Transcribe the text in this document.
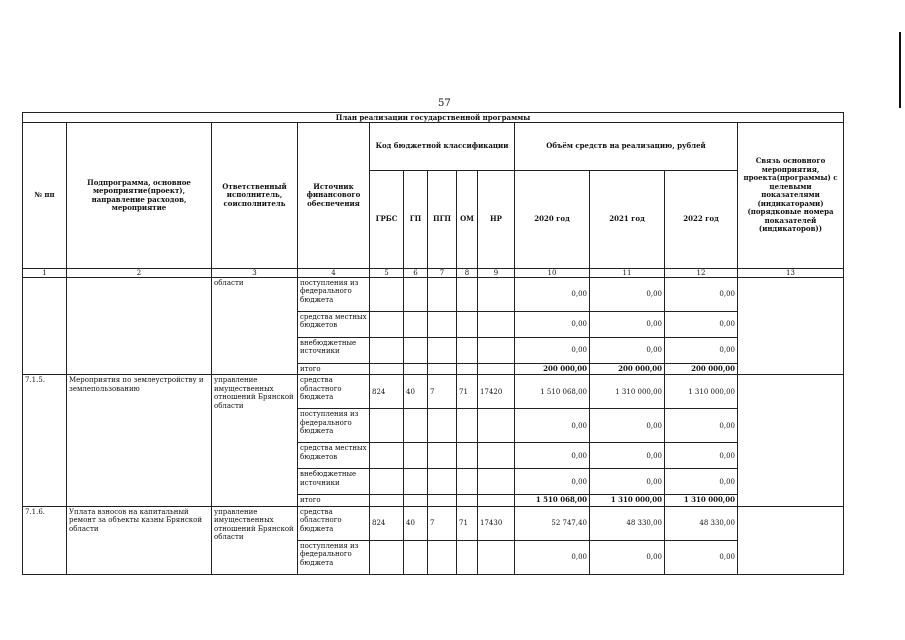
57
План реализации государственной программы												
№ пп	Подпрограмма, основное мероприятие(проект), направление расходов, мероприятие	Ответственный исполнитель, соисполнитель	Источник финансового обеспечения	Код бюджетной классификации					Объём средств на реализацию, рублей			Связь основного мероприятия, проекта(программы) с целевыми показателями (индикаторами) (порядковые номера показателей (индикаторов))
				ГРБС	ГП	ПГП	ОМ	НР	2020 год	2021 год	2022 год	
1	2	3	4	5	6	7	8	9	10	11	12	13
		области	поступления из федерального бюджета						0,00	0,00	0,00	
			средства местных бюджетов						0,00	0,00	0,00	
			внебюджетные источники						0,00	0,00	0,00	
			итого						200 000,00	200 000,00	200 000,00	
7.1.5.	Мероприятия по землеустройству и землепользованию	управление имущественных отношений Брянской области	средства областного бюджета	824	40	7	71	17420	1 510 068,00	1 310 000,00	1 310 000,00	
			поступления из федерального бюджета						0,00	0,00	0,00	
			средства местных бюджетов						0,00	0,00	0,00	
			внебюджетные источники						0,00	0,00	0,00	
			итого						1 510 068,00	1 310 000,00	1 310 000,00	
7.1.6.	Уплата взносов на капитальный ремонт за объекты казны Брянской области	управление имущественных отношений Брянской области	средства областного бюджета	824	40	7	71	17430	52 747,40	48 330,00	48 330,00	
			поступления из федерального бюджета						0,00	0,00	0,00	
